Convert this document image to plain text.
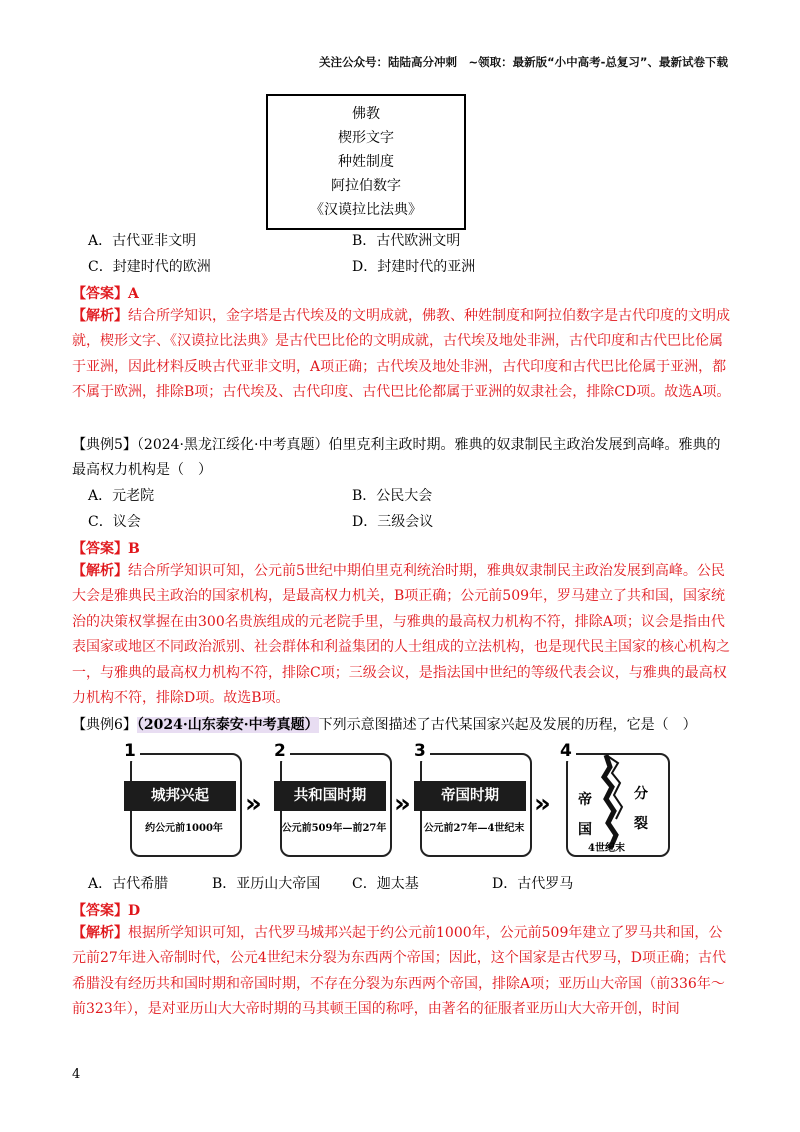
关注公众号：陆陆高分冲刺　~领取：最新版“小中高考-总复习”、最新试卷下载
佛教
楔形文字
种姓制度
阿拉伯数字
《汉谟拉比法典》
A．古代亚非文明	B．古代欧洲文明
C．封建时代的欧洲	D．封建时代的亚洲
【答案】A
【解析】结合所学知识，金字塔是古代埃及的文明成就，佛教、种姓制度和阿拉伯数字是古代印度的文明成就，楔形文字、《汉谟拉比法典》是古代巴比伦的文明成就，古代埃及地处非洲，古代印度和古代巴比伦属于亚洲，因此材料反映古代亚非文明，A项正确；古代埃及地处非洲，古代印度和古代巴比伦属于亚洲，都不属于欧洲，排除B项；古代埃及、古代印度、古代巴比伦都属于亚洲的奴隶社会，排除CD项。故选A项。
【典例5】（2024·黑龙江绥化·中考真题）伯里克利主政时期。雅典的奴隶制民主政治发展到高峰。雅典的最高权力机构是（　）
A．元老院	B．公民大会
C．议会	D．三级会议
【答案】B
【解析】结合所学知识可知，公元前5世纪中期伯里克利统治时期，雅典奴隶制民主政治发展到高峰。公民大会是雅典民主政治的国家机构，是最高权力机关，B项正确；公元前509年，罗马建立了共和国，国家统治的决策权掌握在由300名贵族组成的元老院手里，与雅典的最高权力机构不符，排除A项；议会是指由代表国家或地区不同政治派别、社会群体和利益集团的人士组成的立法机构，也是现代民主国家的核心机构之一，与雅典的最高权力机构不符，排除C项；三级会议，是指法国中世纪的等级代表会议，与雅典的最高权力机构不符，排除D项。故选B项。
【典例6】（2024·山东泰安·中考真题）下列示意图描述了古代某国家兴起及发展的历程，它是（　）
1
城邦兴起
约公元前1000年
»
2
共和国时期
公元前509年—前27年
»
3
帝国时期
公元前27年—4世纪末
»
4
帝
国
分
裂
4世纪末
A．古代希腊	B．亚历山大帝国 C．迦太基	D．古代罗马
【答案】D
【解析】根据所学知识可知，古代罗马城邦兴起于约公元前1000年，公元前509年建立了罗马共和国，公元前27年进入帝制时代，公元4世纪末分裂为东西两个帝国；因此，这个国家是古代罗马，D项正确；古代希腊没有经历共和国时期和帝国时期，不存在分裂为东西两个帝国，排除A项；亚历山大帝国（前336年～前323年），是对亚历山大大帝时期的马其顿王国的称呼，由著名的征服者亚历山大大帝开创，时间
4
